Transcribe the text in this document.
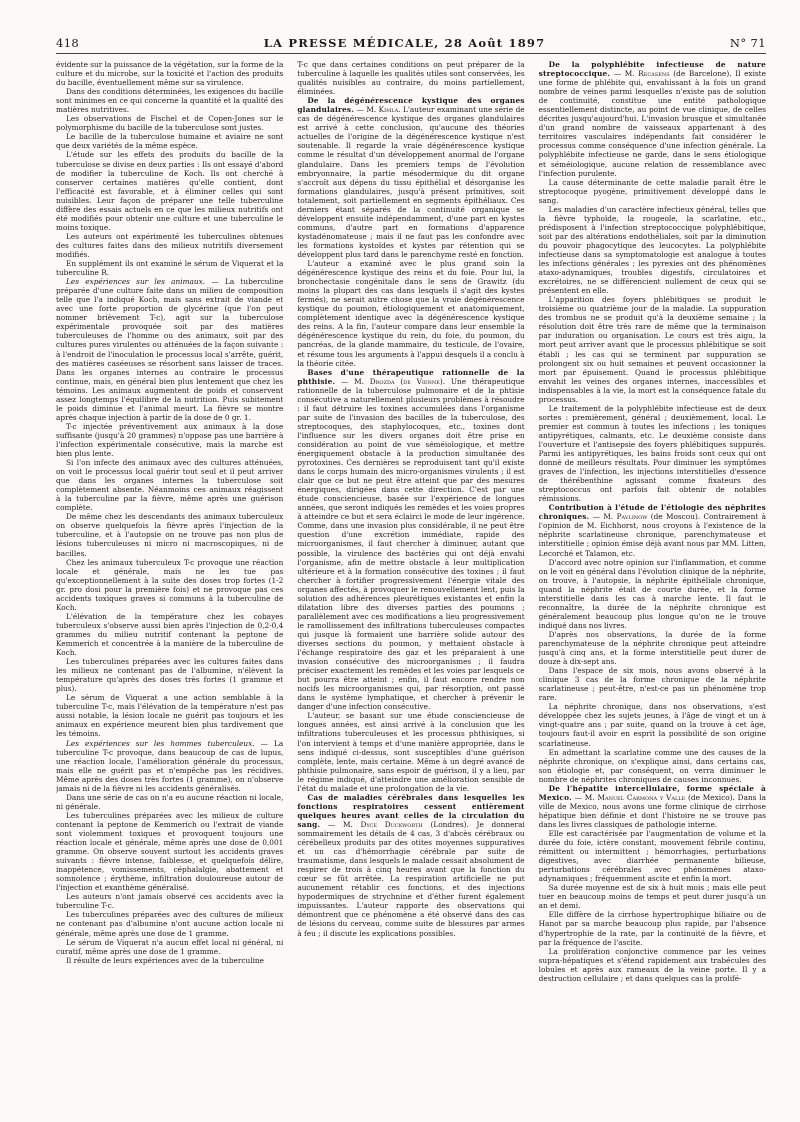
418	LA PRESSE MÉDICALE, 28 Août 1897	N° 71

évidente sur la puissance de la végétation, sur la forme de la culture et du microbe, sur la toxicité et l'action des produits du bacille, éventuellement même sur sa virulence.

Dans des conditions déterminées, les exigences du bacille sont minimes en ce qui concerne la quantité et la qualité des matières nutritives.

Les observations de Fischel et de Copen-Jones sur le polymorphisme du bacille de la tuberculose sont justes.

Le bacille de la tuberculose humaine et aviaire ne sont que deux variétés de la même espèce.

L'étude sur les effets des produits du bacille de la tuberculose se divise en deux parties : Ils ont essayé d'abord de modifier la tuberculine de Koch. Ils ont cherché à conserver certaines matières qu'elle contient, dont l'efficacité est favorable, et à éliminer celles qui sont nuisibles. Leur façon de préparer une telle tuberculine diffère des essais actuels en ce que les milieux nutritifs ont été modifiés pour obtenir une culture et une tuberculine le moins toxique.

Les auteurs ont expérimenté les tuberculines obtenues des cultures faites dans des milieux nutritifs diversement modifiés.

En supplément ils ont examiné le sérum de Viquerat et la tuberculine R.

Les expériences sur les animaux. — La tuberculine préparée d'une culture faite dans un milieu de composition telle que l'a indiqué Koch, mais sans extrait de viande et avec une forte proportion de glycérine (que l'on peut nommer brièvement T-c), agit sur la tuberculose expérimentale provoquée soit par des matières tuberculeuses de l'homme ou des animaux, soit par des cultures pures virulentes ou atténuées de la façon suivante : à l'endroit de l'inoculation le processus local s'arrête, guérit, des matières caséeuses se résorbent sans laisser de traces. Dans les organes internes au contraire le processus continue, mais, en général bien plus lentement que chez les témoins. Les animaux augmentent de poids et conservent assez longtemps l'équilibre de la nutrition. Puis subitement le poids diminue et l'animal meurt. La fièvre se montre après chaque injection à partir de la dose de 0 gr. 1.

T-c injectée préventivement aux animaux à la dose suffisante (jusqu'à 20 grammes) n'oppose pas une barrière à l'infection expérimentale consécutive, mais la marche est bien plus lente.

Si l'on infecte des animaux avec des cultures atténuées, on voit le processus local guérir tout seul et il peut arriver que dans les organes internes la tuberculose soit complètement absente. Néanmoins ces animaux réagissent à la tuberculine par la fièvre, même après une guérison complète.

De même chez les descendants des animaux tuberculeux on observe quelquefois la fièvre après l'injection de la tuberculine, et à l'autopsie on ne trouve pas non plus de lésions tuberculeuses ni micro ni macroscopiques, ni de bacilles.

Chez les animaux tuberculeux T-c provoque une réaction locale et générale, mais ne les tue pas qu'exceptionnellement à la suite des doses trop fortes (1-2 gr. pro dosi pour la première fois) et ne provoque pas ces accidents toxiques graves si communs à la tuberculine de Koch.

L'élévation de la température chez les cobayes tuberculeux s'observe aussi bien après l'injection de 0,2-0,4 grammes du milieu nutritif contenant la peptone de Kemmerich et concentrée à la manière de la tuberculine de Koch.

Les tuberculines préparées avec les cultures faites dans les milieux ne contenant pas de l'albumine, n'élèvent la température qu'après des doses très fortes (1 gramme et plus).

Le sérum de Viquerat a une action semblable à la tuberculine T-c, mais l'élévation de la température n'est pas aussi notable, la lésion locale ne guérit pas toujours et les animaux en expérience meurent bien plus tardivement que les témoins.

Les expériences sur les hommes tuberculeux. — La tuberculine T-c provoque, dans beaucoup de cas de lupus, une réaction locale, l'amélioration générale du processus, mais elle ne guérit pas et n'empêche pas les récidives. Même après des doses très fortes (1 gramme), on n'observe jamais ni de la fièvre ni les accidents généralisés.

Dans une série de cas on n'a eu aucune réaction ni locale, ni générale.

Les tuberculines préparées avec les milieux de culture contenant la peptone de Kemmerich ou l'extrait de viande sont violemment toxiques et provoquent toujours une réaction locale et générale, même après une dose de 0,001 gramme. On observe souvent surtout les accidents graves suivants : fièvre intense, faiblesse, et quelquefois délire, inappétence, vomissements, céphalalgie, abattement et somnolence ; érythème, infiltration douloureuse autour de l'injection et exanthème généralisé.

Les auteurs n'ont jamais observé ces accidents avec la tuberculine T-c.

Les tuberculines préparées avec des cultures de milieux ne contenant pas d'albumine n'ont aucune action locale ni générale, même après une dose de 1 gramme.

Le sérum de Viquerat n'a aucun effet local ni général, ni curatif, même après une dose de 1 gramme.

Il résulte de leurs expériences avec de la tuberculine

T-c que dans certaines conditions on peut préparer de la tuberculine à laquelle les qualités utiles sont conservées, les qualités nuisibles au contraire, du moins partiellement, éliminées.

De la dégénérescence kystique des organes glandulaires. — M. Kimla. L'auteur examinant une série de cas de dégénérescence kystique des organes glandulaires est arrivé à cette conclusion, qu'aucune des théories actuelles de l'origine de la dégénérescence kystique n'est soutenable. Il regarde la vraie dégénérescence kystique comme le résultat d'un développement anormal de l'organe glandulaire. Dans les premiers temps de l'évolution embryonnaire, la partie mésodermique du dit organe s'accroît aux dépens du tissu épithélial et désorganise les formations glandulaires, jusqu'à présent primitives, soit totalement, soit partiellement en segments épithéliaux. Ces derniers étant séparés de la continuité organique se développent ensuite indépendamment, d'une part en kystes communs, d'autre part en formations d'apparence kystadénomateuse ; mais il ne faut pas les confondre avec les formations kystoïdes et kystes par rétention qui se développent plus tard dans le parenchyme resté en fonction.

L'auteur a examiné avec le plus grand soin la dégénérescence kystique des reins et du foie. Pour lui, la bronchectasie congénitale dans le sens de Grawitz (du moins la plupart des cas dans lesquels il s'agit des kystes fermés), ne serait autre chose que la vraie dégénérescence kystique du poumon, étiologiquement et anatomiquement, complètement identique avec la dégénérescence kystique des reins. A la fin, l'auteur compare dans leur ensemble la dégénérescence kystique du rein, du foie, du poumon, du pancréas, de la glande mammaire, du testicule, de l'ovaire, et résume tous les arguments à l'appui desquels il a conclu à la théorie citée.

Bases d'une thérapeutique rationnelle de la phthisie. — M. Drozda (de Vienne). Une thérapeutique rationnelle de la tuberculose pulmonaire et de la phtisie consécutive a naturellement plusieurs problèmes à résoudre : il faut détruire les toxines accumulées dans l'organisme par suite de l'invasion des bacilles de la tuberculose, des streptocoques, des staphylocoques, etc., toxines dont l'influence sur les divers organes doit être prise en considération au point de vue séméiologique, et mettre énergiquement obstacle à la production simultanée des pyrotoxines. Ces dernières se reproduisent tant qu'il existe dans le corps humain des micro-organismes virulents ; il est clair que ce but ne peut être atteint que par des mesures énergiques, dirigées dans cette direction. C'est par une étude consciencieuse, basée sur l'expérience de longues années, que seront indiqués les remèdes et les voies propres à atteindre ce but et sera éclairci le mode de leur ingérence. Comme, dans une invasion plus considérable, il ne peut être question d'une excrétion immédiate, rapide des microorganismes, il faut chercher à diminuer, autant que possible, la virulence des bactéries qui ont déjà envahi l'organisme, afin de mettre obstacle à leur multiplication ultérieure et à la formation consécutive des toxines ; il faut chercher à fortifier progressivement l'énergie vitale des organes affectés, à provoquer le renouvellement lent, puis la solution des adhérences pleurétiques existantes et enfin la dilatation libre des diverses parties des poumons ; parallèlement avec ces modifications a lieu progressivement le ramollissement des infiltrations tuberculeuses compactes qui jusque là formaient une barrière solide autour des diverses sections du poumon, y mettaient obstacle à l'échange respiratoire des gaz et les préparaient à une invasion consécutive des microorganismes ; il faudra préciser exactement les remèdes et les voies par lesquels ce but pourra être atteint ; enfin, il faut encore rendre non nocifs les microorganismes qui, par résorption, ont passé dans le système lymphatique, et chercher à prévenir le danger d'une infection consécutive.

L'auteur, se basant sur une étude consciencieuse de longues années, est ainsi arrivé à la conclusion que les infiltrations tuberculeuses et les processus phthisiques, si l'on intervient à temps et d'une manière appropriée, dans le sens indiqué ci-dessus, sont susceptibles d'une guérison complète, lente, mais certaine. Même à un degré avancé de phthisie pulmonaire, sans espoir de guérison, il y a lieu, par le régime indiqué, d'atteindre une amélioration sensible de l'état du malade et une prolongation de la vie.

Cas de maladies cérébrales dans lesquelles les fonctions respiratoires cessent entièrement quelques heures avant celles de la circulation du sang. — M. Dyce Duckworth (Londres). Je donnerai sommairement les détails de 4 cas, 3 d'abcès cérébraux ou cérébelleux produits par des otites moyennes suppuratives et un cas d'hémorrhagie cérébrale par suite de traumatisme, dans lesquels le malade cessait absolument de respirer de trois à cinq heures avant que la fonction du cœur se fût arrêtée. La respiration artificielle ne put aucunement rétablir ces fonctions, et des injections hypodermiques de strychnine et d'éther furent également impuissantes. L'auteur rapporte des observations qui démontrent que ce phénomène a été observé dans des cas de lésions du cerveau, comme suite de blessures par armes à feu ; il discute les explications possibles.

De la polyphlébite infectieuse de nature streptococcique. — M. Recasens (de Barcelone). Il existe une forme de phlébite qui, envahissant à la fois un grand nombre de veines parmi lesquelles n'existe pas de solution de continuité, constitue une entité pathologique essentiellement distincte, au point de vue clinique, de celles décrites jusqu'aujourd'hui. L'invasion brusque et simultanée d'un grand nombre de vaisseaux appartenant à des territoires vasculaires indépendants fait considérer le processus comme conséquence d'une infection générale. La polyphlébite infectieuse ne garde, dans le sens étiologique et séméiologique, aucune relation de ressemblance avec l'infection purulente.

La cause déterminante de cette maladie paraît être le streptocoque pyogène, primitivement développé dans le sang.

Les maladies d'un caractère infectieux général, telles que la fièvre typhoïde, la rougeole, la scarlatine, etc., prédisposent à l'infection streptococcique polyphlébitique, soit par des altérations endothéliales, soit par la diminution du pouvoir phagocytique des leucocytes. La polyphlébite infectieuse dans sa symptomatologie est analogue à toutes les infections générales ; les pyrexies ont des phénomènes ataxo-adynamiques, troubles digestifs, circulatoires et excrétoires, ne se différencient nullement de ceux qui se présentent en elle.

L'apparition des foyers phlébitiques se produit le troisième ou quatrième jour de la maladie. La suppuration des trombus ne se produit qu'à la deuxième semaine ; la résolution doit être très rare de même que la terminaison par induration ou organisation. Le cours est très aigu, la mort peut arriver avant que le processus phlébitique se soit établi ; les cas qui se terminent par suppuration se prolongent six ou huit semaines et peuvent occasionner la mort par épuisement. Quand le processus phlébitique envahit les veines des organes internes, inaccessibles et indispensables à la vie, la mort est la conséquence fatale du processus.

Le traitement de la polyphlébite infectieuse est de deux sortes : premièrement, général ; deuxièmement, local. Le premier est commun à toutes les infections ; les toniques antipyrétiques, calmants, etc. Le deuxième consiste dans l'ouverture et l'antisepsie des foyers phlébitiques suppurés. Parmi les antipyrétiques, les bains froids sont ceux qui ont donné de meilleurs résultats. Pour diminuer les symptômes graves de l'infection, les injections interstitielles d'essence de thérébenthine agissant comme fixateurs des streptococcus ont parfois fait obtenir de notables rémissions.

Contribution à l'étude de l'étiologie des néphrites chroniques. — M. Pavlinow (de Moscou). Contrairement à l'opinion de M. Eichhorst, nous croyons à l'existence de la néphrite scarlatineuse chronique, parenchymateuse et interstitielle ; opinion émise déjà avant nous par MM. Litten, Lecorché et Talamon, etc.

D'accord avec notre opinion sur l'inflammation, et comme on le voit en général dans l'évolution clinique de la néphrite, on trouve, à l'autopsie, la néphrite épithéliale chronique, quand la néphrite était de courte durée, et la forme interstitielle dans les cas à marche lente. Il faut le reconnaître, la durée de la néphrite chronique est généralement beaucoup plus longue qu'on ne le trouve indiqué dans nos livres.

D'après nos observations, la durée de la forme parenchymateuse de la néphrite chronique peut atteindre jusqu'à cinq ans, et la forme interstitielle peut durer de douze à dix-sept ans.

Dans l'espace de six mois, nous avons observé à la clinique 3 cas de la forme chronique de la néphrite scarlatineuse ; peut-être, n'est-ce pas un phénomène trop rare.

La néphrite chronique, dans nos observations, s'est développée chez les sujets jeunes, à l'âge de vingt et un à vingt-quatre ans ; par suite, quand on la trouve à cet âge, toujours faut-il avoir en esprit la possibilité de son origine scarlatineuse.

En admettant la scarlatine comme une des causes de la néphrite chronique, on s'explique ainsi, dans certains cas, son étiologie et, par conséquent, on verra diminuer le nombre de néphrites chroniques de causes inconnues.

De l'hépatite intercellulaire, forme spéciale à Mexico. — M. Manuel Carmona y Valle (de Mexico). Dans la ville de Mexico, nous avons une forme clinique de cirrhose hépatique bien définie et dont l'histoire ne se trouve pas dans les livres classiques de pathologie interne.

Elle est caractérisée par l'augmentation de volume et la durée du foie, ictère constant, mouvement fébrile continu, rémittent ou intermittent ; hémorrhagies, perturbations digestives, avec diarrhée permanente bilieuse, perturbations cérébrales avec phénomènes ataxo-adynamiques ; fréquemment ascite et enfin la mort.

Sa durée moyenne est de six à huit mois ; mais elle peut tuer en beaucoup moins de temps et peut durer jusqu'à un an et demi.

Elle diffère de la cirrhose hypertrophique biliaire ou de Hanot par sa marche beaucoup plus rapide, par l'absence d'hypertrophie de la rate, par la continuité de la fièvre, et par la fréquence de l'ascite.

La prolifération conjonctive commence par les veines supra-hépatiques et s'étend rapidement aux trabécules des lobules et après aux rameaux de la veine porte. Il y a destruction cellulaire ; et dans quelques cas la prolifé-
